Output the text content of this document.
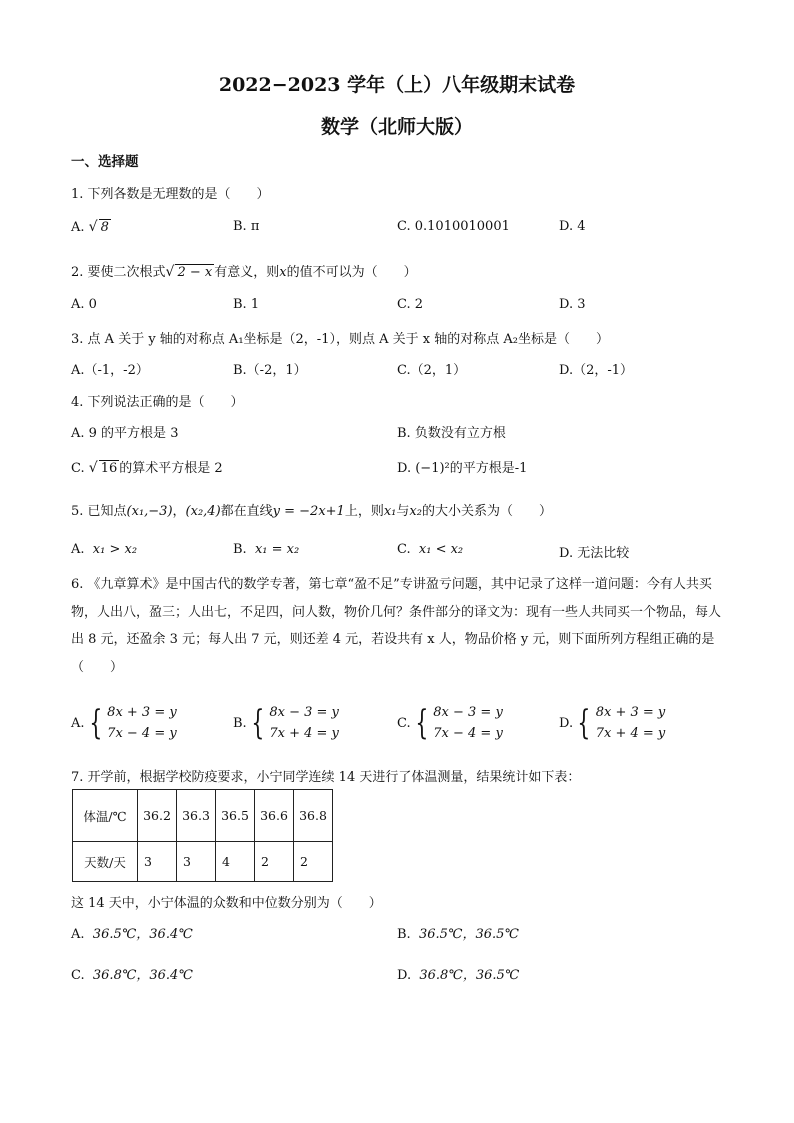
2022−2023 学年（上）八年级期末试卷
数学（北师大版）
一、选择题
1. 下列各数是无理数的是（　　）
A. √ 8	B. π	C. 0.1010010001	D. 4
2. 要使二次根式√ 2 − x 有意义，则x的值不可以为（　　）
A. 0	B. 1	C. 2	D. 3
3. 点 A 关于 y 轴的对称点 A₁坐标是（2，-1），则点 A 关于 x 轴的对称点 A₂坐标是（　　）
A.（-1，-2）	B.（-2，1）	C.（2，1）	D.（2，-1）
4. 下列说法正确的是（　　）
A. 9 的平方根是 3	B. 负数没有立方根
C. √ 16 的算术平方根是 2	D. (−1)²的平方根是-1
5. 已知点(x₁,−3)，(x₂,4)都在直线y = −2x+1上，则x₁与x₂的大小关系为（　　）
A. x₁ > x₂	B. x₁ = x₂	C. x₁ < x₂	D. 无法比较
6. 《九章算术》是中国古代的数学专著，第七章“盈不足”专讲盈亏问题，其中记录了这样一道问题：今有人共买物，人出八，盈三；人出七，不足四，问人数，物价几何？条件部分的译文为：现有一些人共同买一个物品，每人出 8 元，还盈余 3 元；每人出 7 元，则还差 4 元，若设共有 x 人，物品价格 y 元，则下面所列方程组正确的是（　　）
A. { 8x + 3 = y
7x − 4 = y
B. { 8x − 3 = y
7x + 4 = y
C. { 8x − 3 = y
7x − 4 = y
D. { 8x + 3 = y
7x + 4 = y
7. 开学前，根据学校防疫要求，小宁同学连续 14 天进行了体温测量，结果统计如下表：
体温/℃	36.2	36.3	36.5	36.6	36.8
天数/天	3	3	4	2	2
这 14 天中，小宁体温的众数和中位数分别为（　　）
A. 36.5℃，36.4℃	B. 36.5℃，36.5℃
C. 36.8℃，36.4℃	D. 36.8℃，36.5℃
